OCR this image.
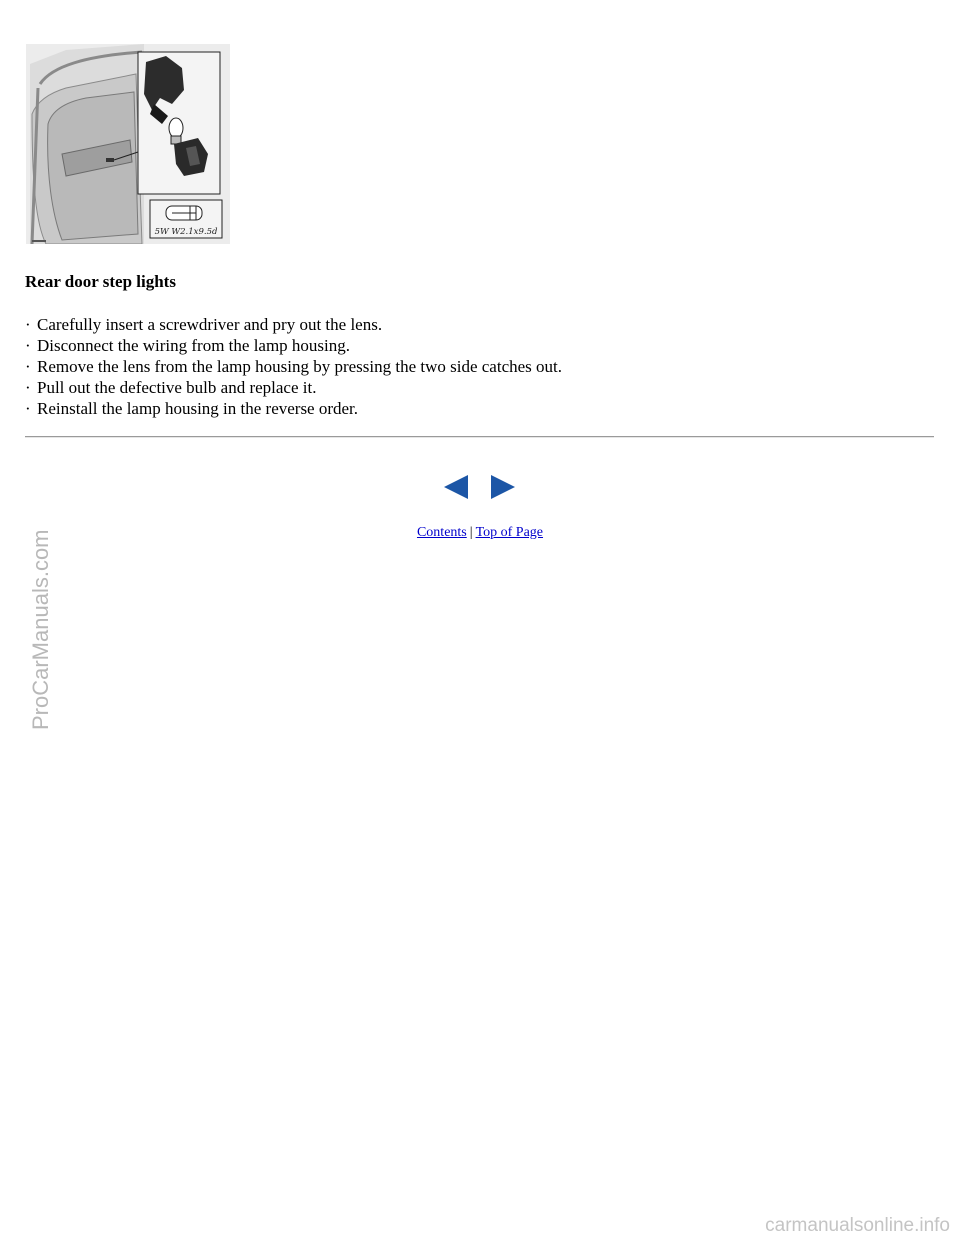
5W W2.1x9.5d
Rear door step lights
· Carefully insert a screwdriver and pry out the lens.
· Disconnect the wiring from the lamp housing.
· Remove the lens from the lamp housing by pressing the two side catches out.
· Pull out the defective bulb and replace it.
· Reinstall the lamp housing in the reverse order.
Contents | Top of Page
ProCarManuals.com
carmanualsonline.info
